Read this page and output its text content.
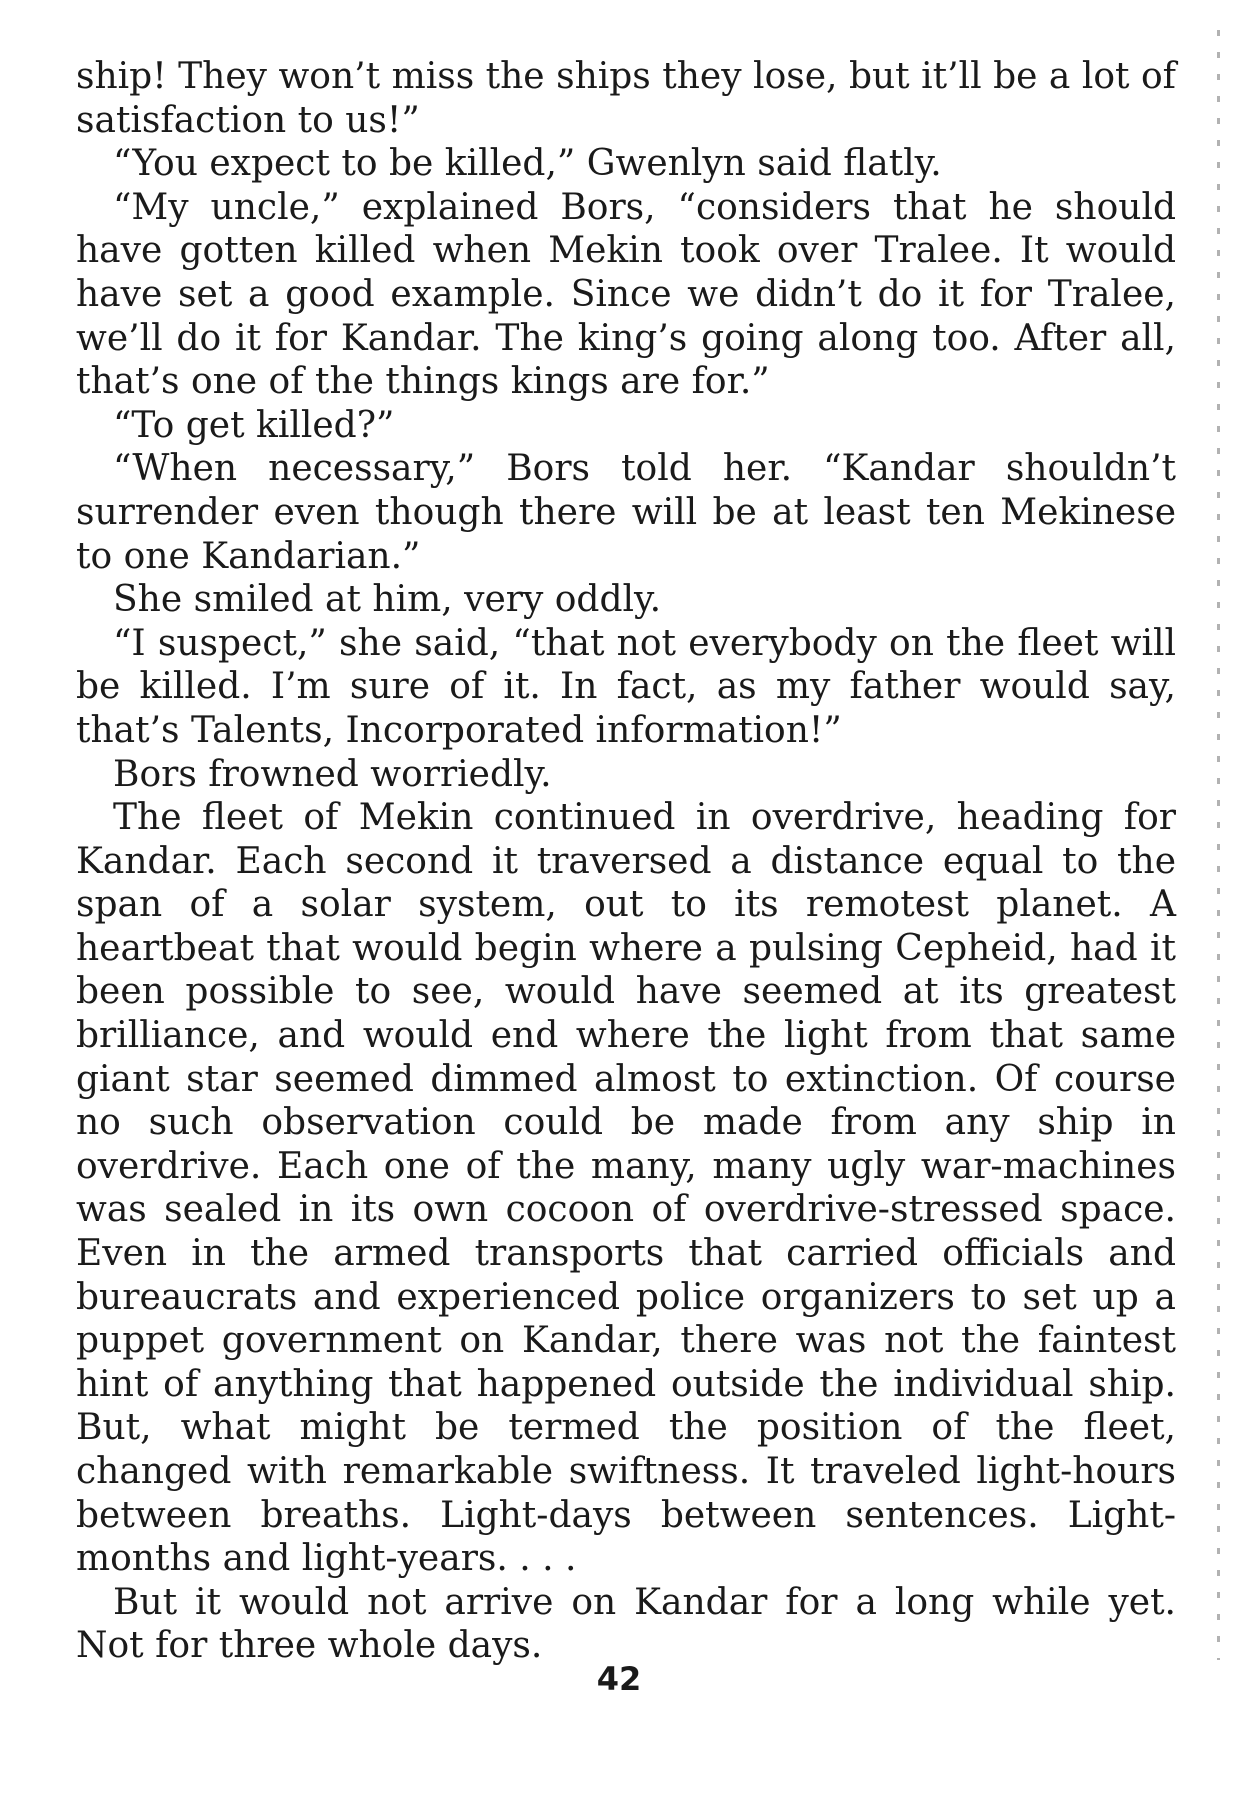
ship! They won’t miss the ships they lose, but it’ll be a lot of satisfaction to us!”

“You expect to be killed,” Gwenlyn said flatly.

“My uncle,” explained Bors, “considers that he should have gotten killed when Mekin took over Tralee. It would have set a good example. Since we didn’t do it for Tralee, we’ll do it for Kandar. The king’s going along too. After all, that’s one of the things kings are for.”

“To get killed?”

“When necessary,” Bors told her. “Kandar shouldn’t surrender even though there will be at least ten Mekinese to one Kandarian.”

She smiled at him, very oddly.

“I suspect,” she said, “that not everybody on the fleet will be killed. I’m sure of it. In fact, as my father would say, that’s Talents, Incorporated information!”

Bors frowned worriedly.

The fleet of Mekin continued in overdrive, heading for Kandar. Each second it traversed a distance equal to the span of a solar system, out to its remotest planet. A heartbeat that would begin where a pulsing Cepheid, had it been possible to see, would have seemed at its greatest brilliance, and would end where the light from that same giant star seemed dimmed almost to extinction. Of course no such observation could be made from any ship in overdrive. Each one of the many, many ugly war-machines was sealed in its own cocoon of overdrive-stressed space. Even in the armed transports that carried officials and bureaucrats and experienced police organizers to set up a puppet government on Kandar, there was not the faintest hint of anything that happened outside the individual ship. But, what might be termed the position of the fleet, changed with remarkable swiftness. It traveled light-hours between breaths. Light-days between sentences. Light-months and light-years. . . .

But it would not arrive on Kandar for a long while yet. Not for three whole days.

42
